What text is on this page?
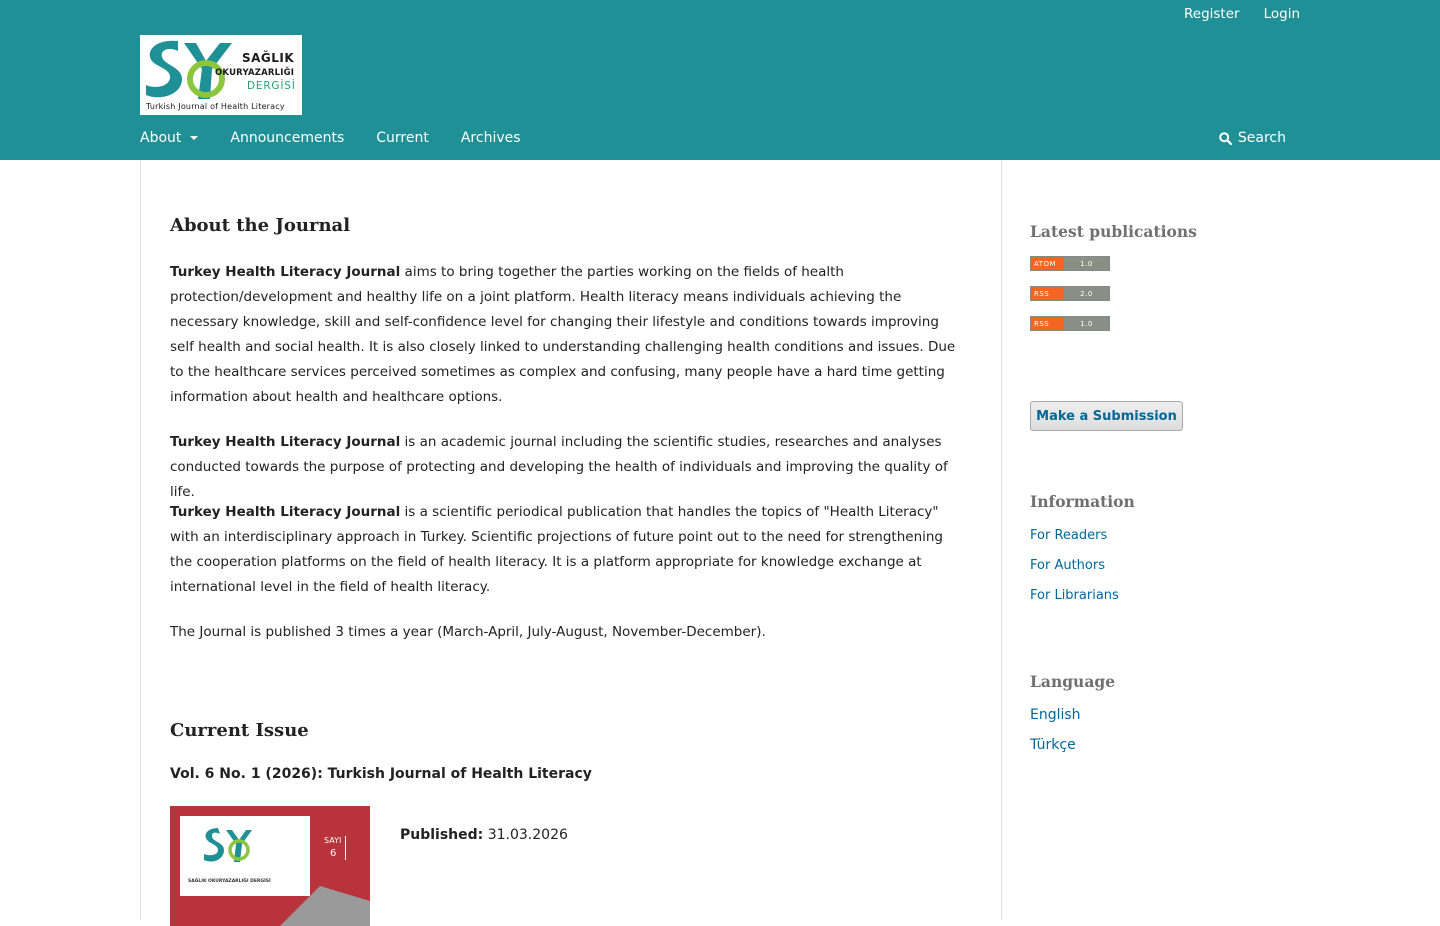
Register Login
SAĞLIK
OKURYAZARLIĞI
DERGİSİ
Turkish Journal of Health Literacy
About	Announcements Current Archives	Search
About the Journal

Turkey Health Literacy Journal aims to bring together the parties working on the fields of health protection/development and healthy life on a joint platform. Health literacy means individuals achieving the necessary knowledge, skill and self-confidence level for changing their lifestyle and conditions towards improving self health and social health. It is also closely linked to understanding challenging health conditions and issues. Due to the healthcare services perceived sometimes as complex and confusing, many people have a hard time getting information about health and healthcare options.

Turkey Health Literacy Journal is an academic journal including the scientific studies, researches and analyses conducted towards the purpose of protecting and developing the health of individuals and improving the quality of life.

Turkey Health Literacy Journal is a scientific periodical publication that handles the topics of "Health Literacy" with an interdisciplinary approach in Turkey. Scientific projections of future point out to the need for strengthening the cooperation platforms on the field of health literacy. It is a platform appropriate for knowledge exchange at international level in the field of health literacy.

The Journal is published 3 times a year (March-April, July-August, November-December).

Current Issue
Vol. 6 No. 1 (2026): Turkish Journal of Health Literacy

Published: 31.03.2026

SAĞLIK OKURYAZARLIĞI DERGİSİ
SAYI
6
Latest publications
ATOM	1.0
RSS	2.0
RSS	1.0
Make a Submission
Information
For Readers
For Authors
For Librarians
Language
English
Türkçe
